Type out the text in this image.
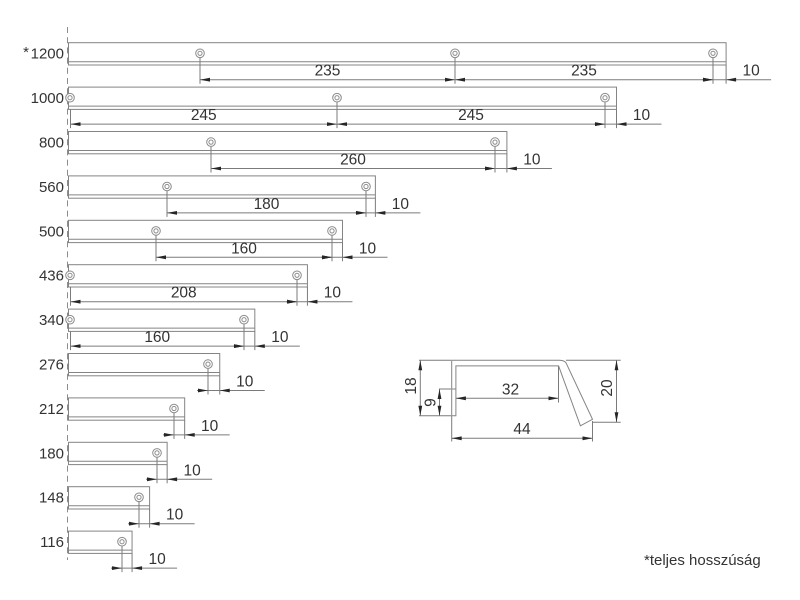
* 1200
235	235	10
1000
245	245	10
800
260	10
560
180	10
500
160	10
436
208	10
340
160	10
276
10
212
10
180
10
148
10
116
10
18
9
32
44
20
*teljes hosszúság
